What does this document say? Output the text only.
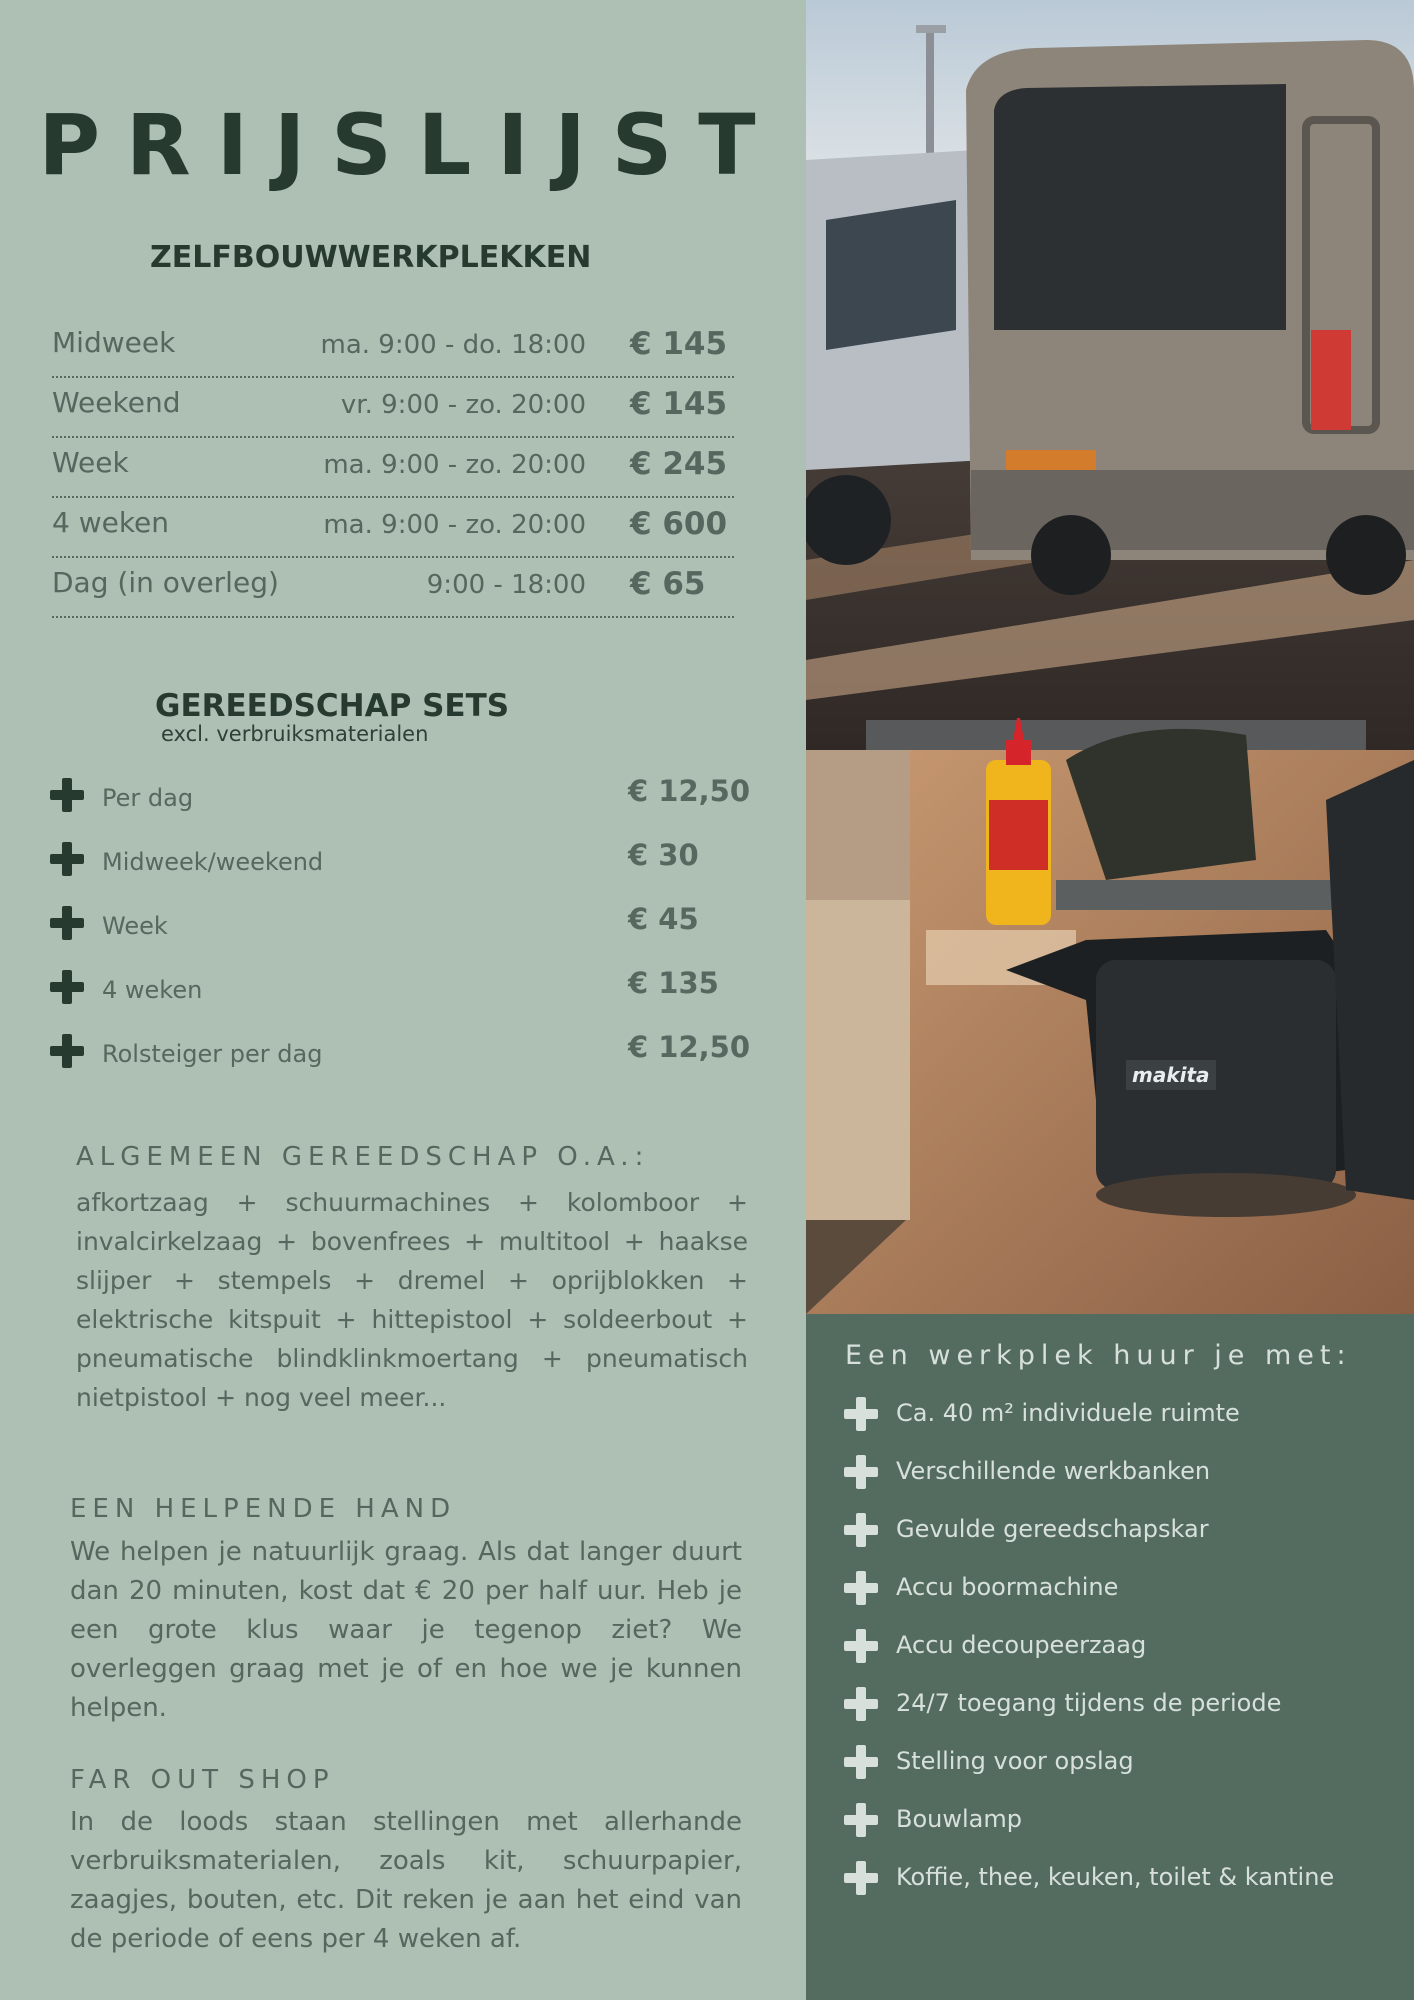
makita
PRIJSLIJST
ZELFBOUWWERKPLEKKEN
Midweek	ma. 9:00 - do. 18:00 € 145
Weekend	vr. 9:00 - zo. 20:00 € 145
Week	ma. 9:00 - zo. 20:00 € 245
4 weken	ma. 9:00 - zo. 20:00 € 600
Dag (in overleg)	9:00 - 18:00 € 65
GEREEDSCHAP SETS
excl. verbruiksmaterialen
Per dag	€ 12,50
Midweek/weekend	€ 30
Week	€ 45
4 weken	€ 135
Rolsteiger per dag	€ 12,50
ALGEMEEN GEREEDSCHAP O.A.:
afkortzaag + schuurmachines + kolomboor + invalcirkelzaag + bovenfrees + multitool + haakse slijper + stempels + dremel + oprijblokken + elektrische kitspuit + hittepistool + soldeerbout + pneumatische blindklinkmoertang + pneumatisch nietpistool + nog veel meer...
EEN HELPENDE HAND
We helpen je natuurlijk graag. Als dat langer duurt dan 20 minuten, kost dat € 20 per half uur. Heb je een grote klus waar je tegenop ziet? We overleggen graag met je of en hoe we je kunnen helpen.
FAR OUT SHOP
In de loods staan stellingen met allerhande verbruiksmaterialen, zoals kit, schuurpapier, zaagjes, bouten, etc. Dit reken je aan het eind van de periode of eens per 4 weken af.
Een werkplek huur je met:
Ca. 40 m² individuele ruimte
Verschillende werkbanken
Gevulde gereedschapskar
Accu boormachine
Accu decoupeerzaag
24/7 toegang tijdens de periode
Stelling voor opslag
Bouwlamp
Koffie, thee, keuken, toilet & kantine
